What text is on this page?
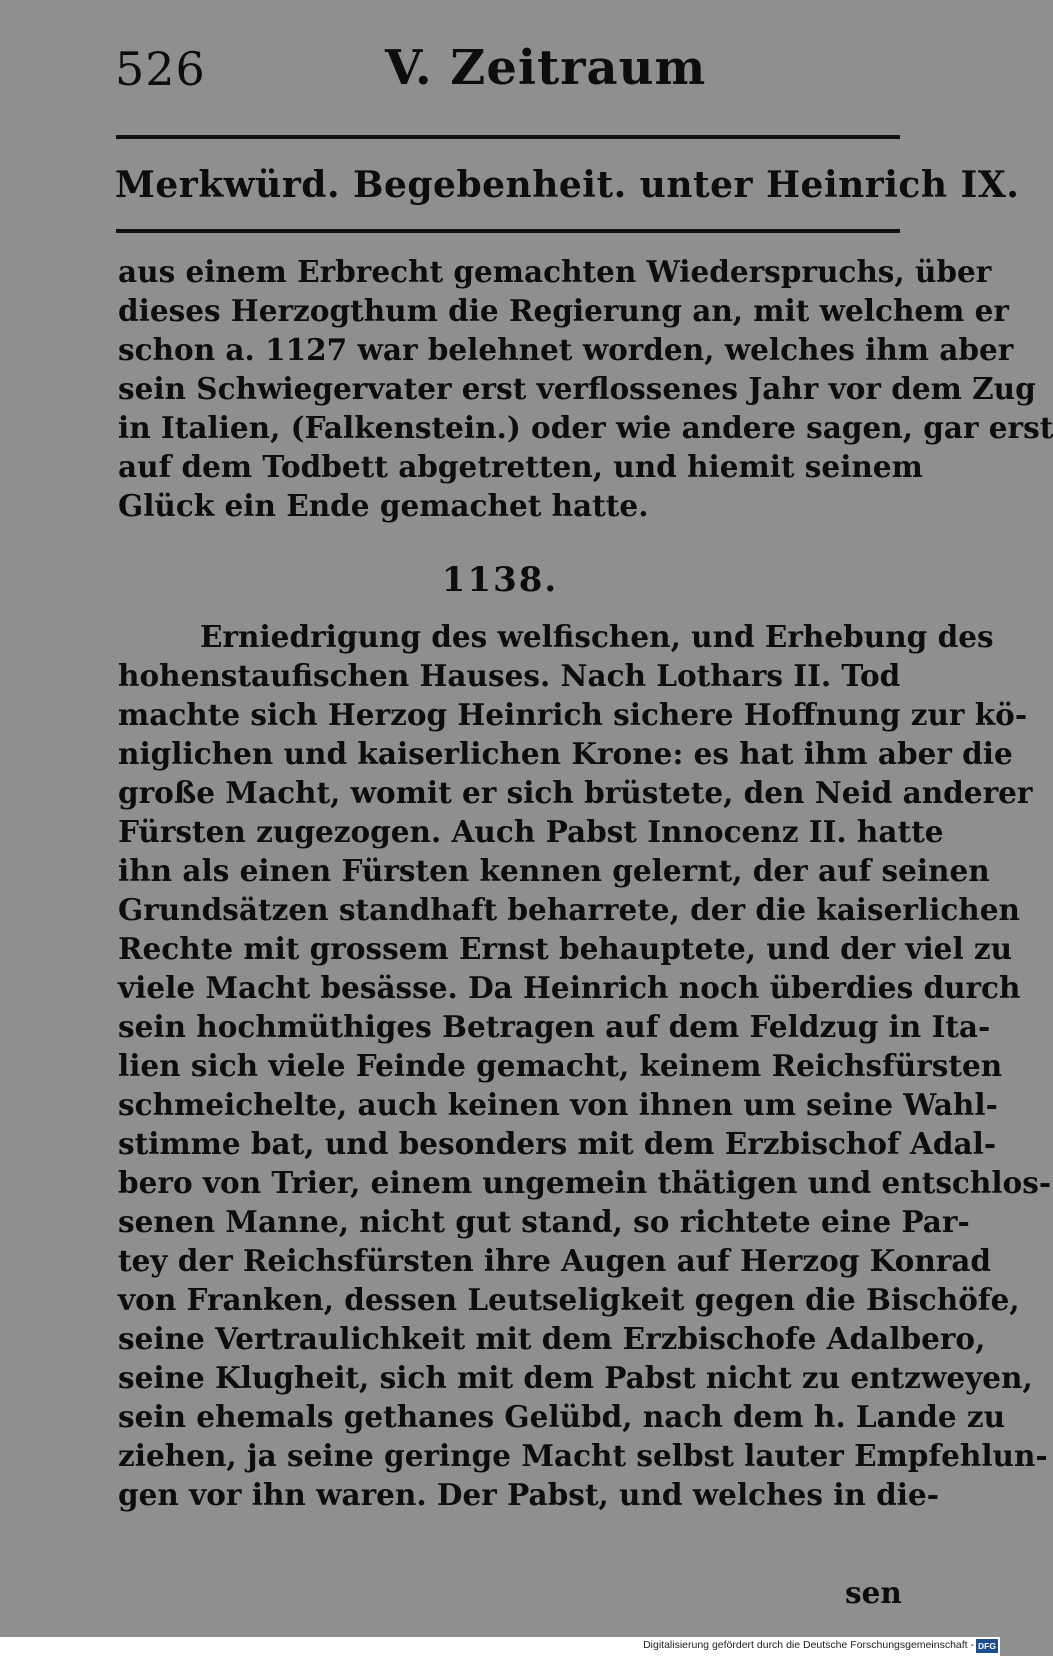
526	V. Zeitraum
Merkwürd. Begebenheit. unter Heinrich IX.
aus einem Erbrecht gemachten Wiederspruchs, über
dieses Herzogthum die Regierung an, mit welchem er
schon a. 1127 war belehnet worden, welches ihm aber
sein Schwiegervater erst verflossenes Jahr vor dem Zug
in Italien, (Falkenstein.) oder wie andere sagen, gar erst
auf dem Todbett abgetretten, und hiemit seinem
Glück ein Ende gemachet hatte.
1138.
Erniedrigung des welfischen, und Erhebung des
hohenstaufischen Hauses. Nach Lothars II. Tod
machte sich Herzog Heinrich sichere Hoffnung zur kö-
niglichen und kaiserlichen Krone: es hat ihm aber die
große Macht, womit er sich brüstete, den Neid anderer
Fürsten zugezogen. Auch Pabst Innocenz II. hatte
ihn als einen Fürsten kennen gelernt, der auf seinen
Grundsätzen standhaft beharrete, der die kaiserlichen
Rechte mit grossem Ernst behauptete, und der viel zu
viele Macht besässe. Da Heinrich noch überdies durch
sein hochmüthiges Betragen auf dem Feldzug in Ita-
lien sich viele Feinde gemacht, keinem Reichsfürsten
schmeichelte, auch keinen von ihnen um seine Wahl-
stimme bat, und besonders mit dem Erzbischof Adal-
bero von Trier, einem ungemein thätigen und entschlos-
senen Manne, nicht gut stand, so richtete eine Par-
tey der Reichsfürsten ihre Augen auf Herzog Konrad
von Franken, dessen Leutseligkeit gegen die Bischöfe,
seine Vertraulichkeit mit dem Erzbischofe Adalbero,
seine Klugheit, sich mit dem Pabst nicht zu entzweyen,
sein ehemals gethanes Gelübd, nach dem h. Lande zu
ziehen, ja seine geringe Macht selbst lauter Empfehlun-
gen vor ihn waren. Der Pabst, und welches in die-
sen
Digitalisierung gefördert durch die Deutsche Forschungsgemeinschaft - DFG
